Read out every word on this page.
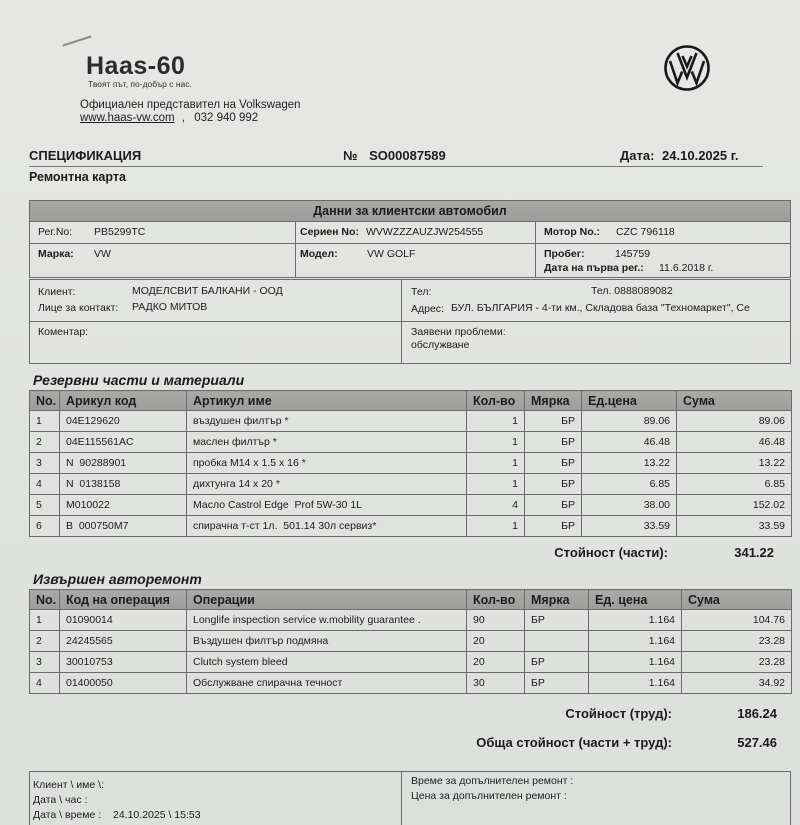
Haas-60
Твоят път, по-добър с нас.
Официален представител на Volkswagen
www.haas-vw.com , 032 940 992
СПЕЦИФИКАЦИЯ	№ SO00087589	Дата: 24.10.2025 г.
Ремонтна карта
Данни за клиентски автомобил
Рег.No: PB5299TC	Сериен No: WVWZZZAUZJW254555	Мотор No.: CZC 796118
Марка: VW	Модел:	VW GOLF	Пробег:	145759
Дата на първа рег.: 11.6.2018 г.
Клиент:	МОДЕЛСВИТ БАЛКАНИ - ООД
Лице за контакт: РАДКО МИТОВ
Тел:	Тел. 0888089082
Адрес: БУЛ. БЪЛГАРИЯ - 4-ти км., Складова база "Техномаркет", Се
Коментар:	Заявени проблеми:
обслужване
Резервни части и материали
No.	Арикул код	Артикул име	Кол-во	Мярка	Ед.цена	Сума
1	04E129620	въздушен филтър *	1	БР	89.06	89.06
2	04E115561AC	маслен филтър *	1	БР	46.48	46.48
3	N  90288901	пробка M14 x 1.5 x 16 *	1	БР	13.22	13.22
4	N  0138158	дихтунга 14 x 20 *	1	БР	6.85	6.85
5	M010022	Масло Castrol Edge  Prof 5W-30 1L	4	БР	38.00	152.02
6	B  000750M7	спирачна т-ст 1л.  501.14 30л сервиз*	1	БР	33.59	33.59
Стойност (части):	341.22
Извършен авторемонт
No.	Код на операция	Операции	Кол-во	Мярка	Ед. цена	Сума
1	01090014	Longlife inspection service w.mobility guarantee .	90	БР	1.164	104.76
2	24245565	Въздушен филтър подмяна	20		1.164	23.28
3	30010753	Clutch system bleed	20	БР	1.164	23.28
4	01400050	Обслужване спирачна течност	30	БР	1.164	34.92
Стойност (труд):	186.24
Обща стойност (части + труд):	527.46
Клиент \ име \:
Дата \ час :
Дата \ време : 24.10.2025 \ 15:53
Време за допълнителен ремонт :
Цена за допълнителен ремонт :
